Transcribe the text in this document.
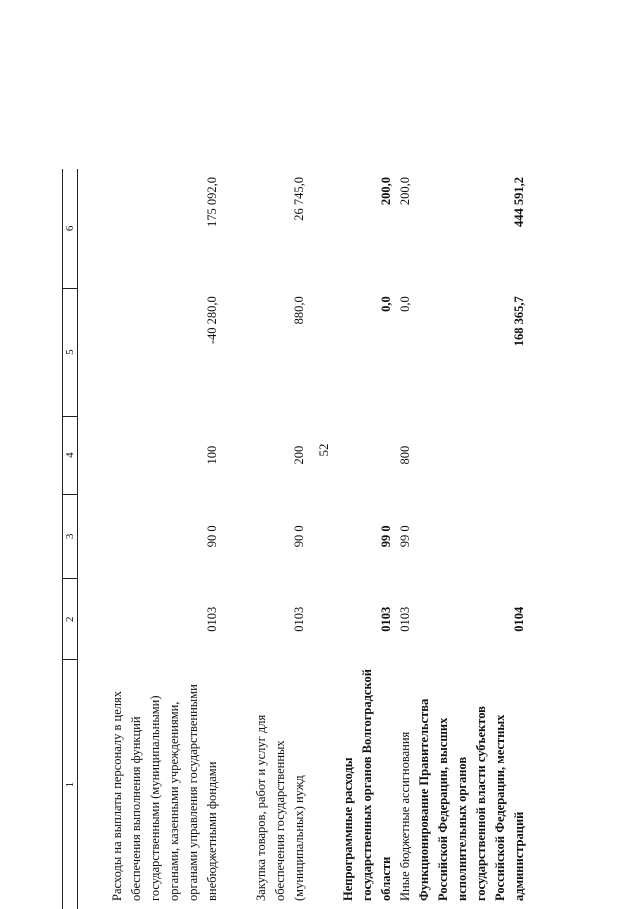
52
1	2	3	4	5	6

Расходы на выплаты персоналу в целях обеспечения выполнения функций государственными (муниципальными) органами, казенными учреждениями, органами управления государственными внебюджетными фондами	0103	90 0	100	-40 280,0	175 092,0

Закупка товаров, работ и услуг для обеспечения государственных (муниципальных) нужд	0103	90 0	200	880,0	26 745,0

Непрограммные расходы государственных органов Волгоградской области	0103	99 0		0,0	200,0
Иные бюджетные ассигнования	0103	99 0	800	0,0	200,0
Функционирование Правительства Российской Федерации, высших исполнительных органов государственной власти субъектов Российской Федерации, местных администраций	0104			168 365,7	444 591,2
